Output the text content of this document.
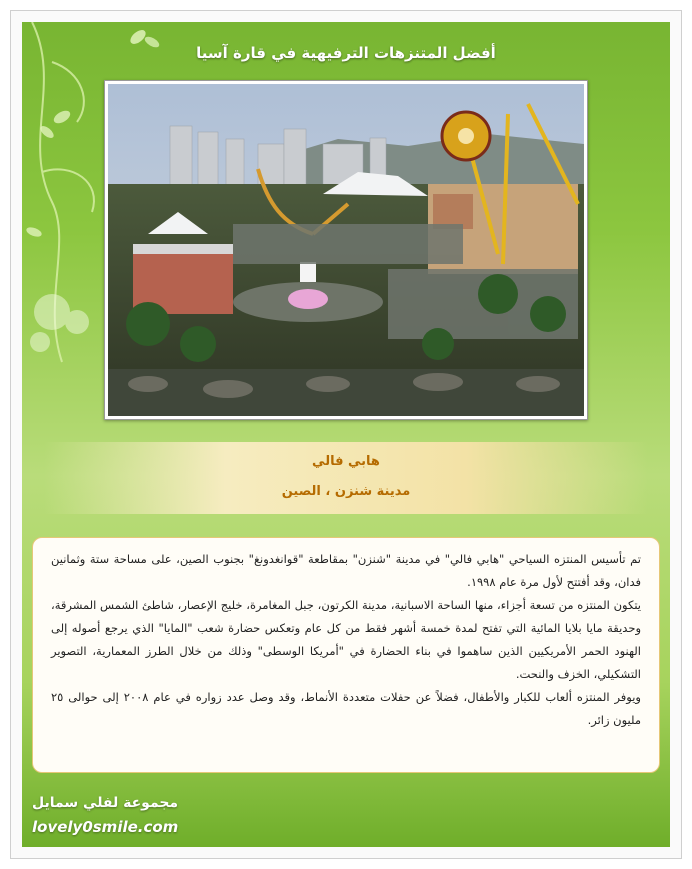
أفضل المتنزهات الترفيهية في قارة آسيا
هابي فالي
مدينة شنزن ، الصين

تم تأسيس المنتزه السياحي "هابي فالي" في مدينة "شنزن" بمقاطعة "قوانغدونغ" بجنوب الصين، على مساحة ستة وثمانين فدان، وقد أفتتح لأول مرة عام ١٩٩٨.

يتكون المنتزه من تسعة أجزاء، منها الساحة الاسبانية، مدينة الكرتون، جبل المغامرة، خليج الإعصار، شاطئ الشمس المشرقة، وحديقة مايا بلايا المائية التي تفتح لمدة خمسة أشهر فقط من كل عام وتعكس حضارة شعب "المايا" الذي يرجع أصوله إلى الهنود الحمر الأمريكيين الذين ساهموا في بناء الحضارة في "أمريكا الوسطى" وذلك من خلال الطرز المعمارية، التصوير التشكيلي، الخزف والنحت.

ويوفر المنتزه ألعاب للكبار والأطفال، فضلاً عن حفلات متعددة الأنماط، وقد وصل عدد زواره في عام ٢٠٠٨ إلى حوالى ٢٥ مليون زائر.

مجموعة لفلي سمايل
lovely0smile.com
